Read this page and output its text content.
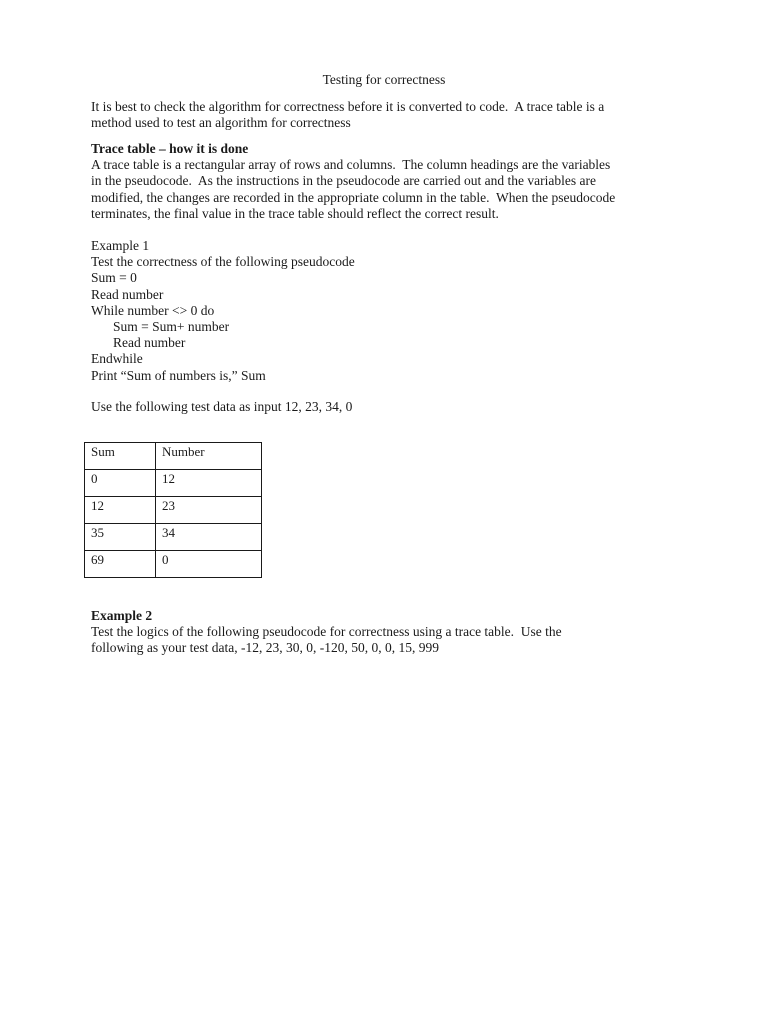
Testing for correctness
It is best to check the algorithm for correctness before it is converted to code.  A trace table is a
method used to test an algorithm for correctness
Trace table – how it is done
A trace table is a rectangular array of rows and columns.  The column headings are the variables
in the pseudocode.  As the instructions in the pseudocode are carried out and the variables are
modified, the changes are recorded in the appropriate column in the table.  When the pseudocode
terminates, the final value in the trace table should reflect the correct result.
Example 1
Test the correctness of the following pseudocode
Sum = 0
Read number
While number <> 0 do
Sum = Sum+ number
Read number
Endwhile
Print “Sum of numbers is,” Sum
Use the following test data as input 12, 23, 34, 0
Sum	Number

0	12

12	23

35	34

69	0
Example 2
Test the logics of the following pseudocode for correctness using a trace table.  Use the
following as your test data, -12, 23, 30, 0, -120, 50, 0, 0, 15, 999
